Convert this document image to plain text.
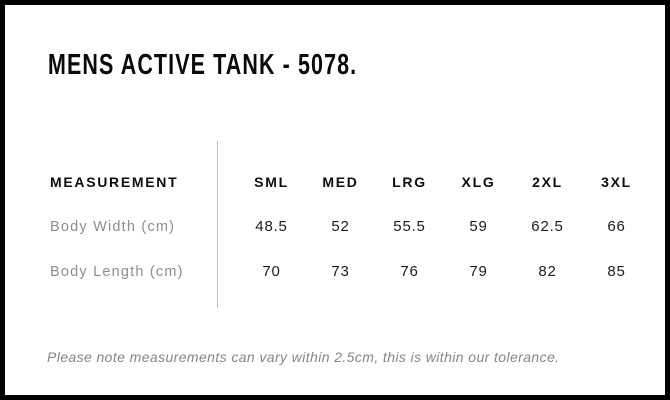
MENS ACTIVE TANK - 5078.
MEASUREMENT	SML	MED	LRG	XLG	2XL	3XL
Body Width (cm)	48.5	52	55.5	59	62.5	66
Body Length (cm)	70	73	76	79	82	85

Please note measurements can vary within 2.5cm, this is within our tolerance.
